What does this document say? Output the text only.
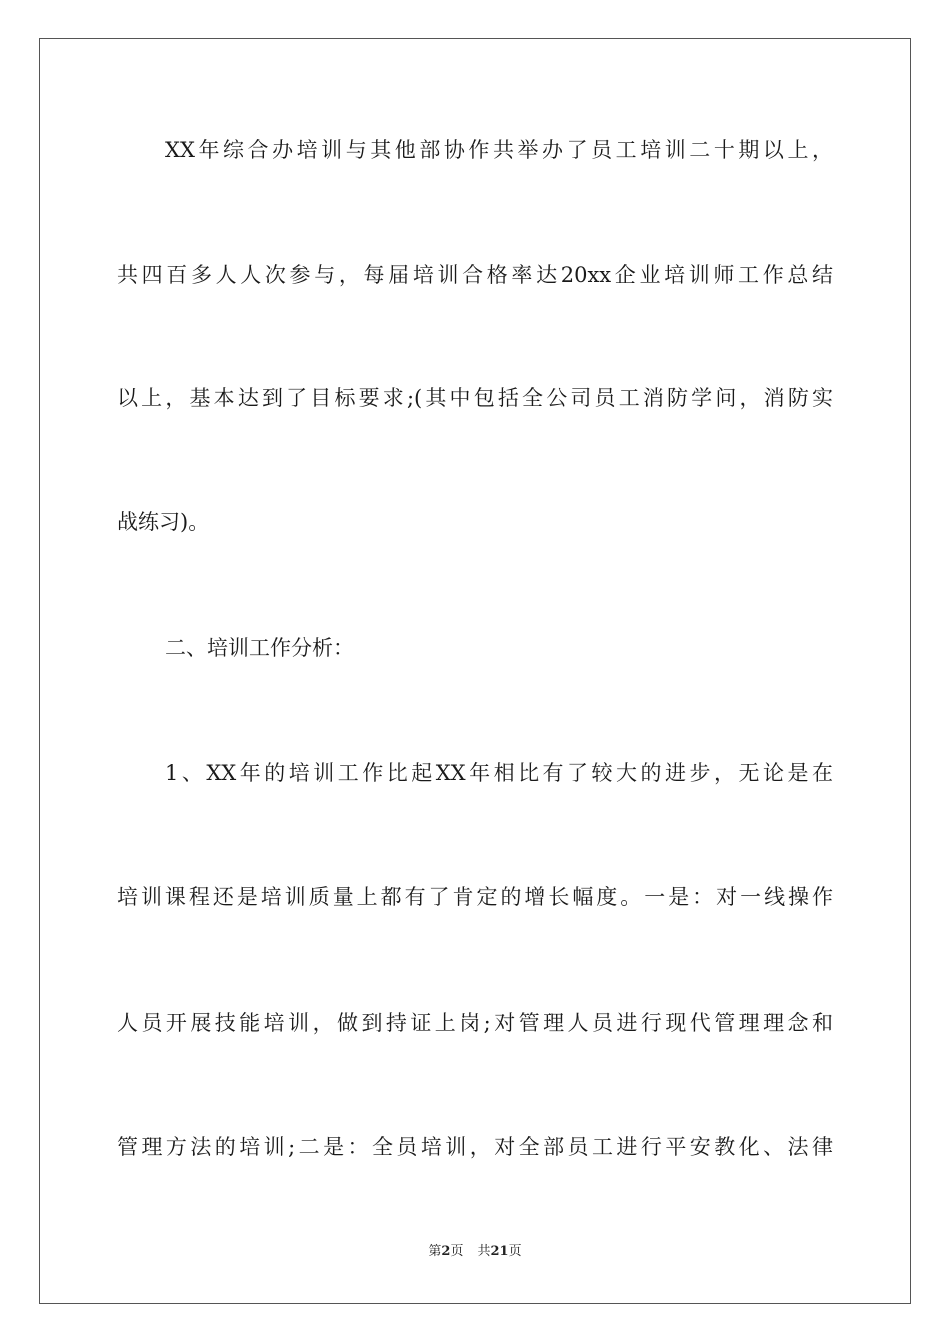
XX年综合办培训与其他部协作共举办了员工培训二十期以上，
共四百多人人次参与，每届培训合格率达20xx企业培训师工作总结
以上，基本达到了目标要求;(其中包括全公司员工消防学问，消防实
战练习)。
二、培训工作分析：
1、XX年的培训工作比起XX年相比有了较大的进步，无论是在
培训课程还是培训质量上都有了肯定的增长幅度。一是：对一线操作
人员开展技能培训，做到持证上岗;对管理人员进行现代管理理念和
管理方法的培训;二是：全员培训，对全部员工进行平安教化、法律
第2页 共21页
